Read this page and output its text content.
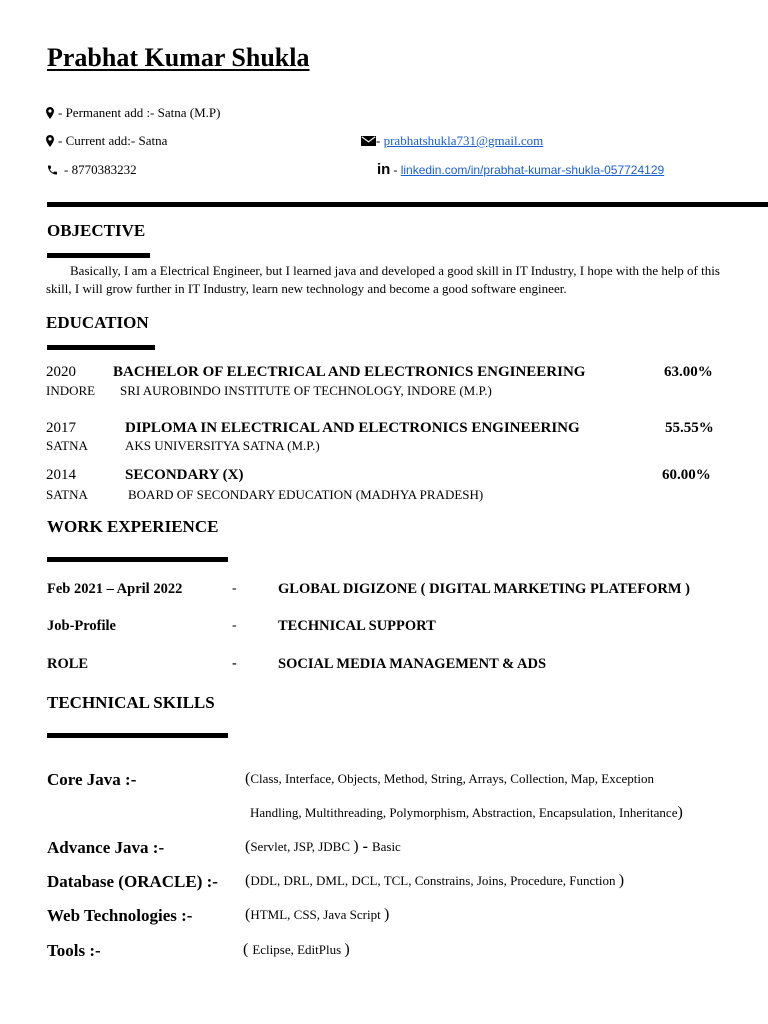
Prabhat Kumar Shukla
- Permanent add :- Satna (M.P)
- Current add:- Satna	- prabhatshukla731@gmail.com
- 8770383232	in - linkedin.com/in/prabhat-kumar-shukla-057724129
OBJECTIVE
Basically, I am a Electrical Engineer, but I learned java and developed a good skill in IT Industry, I hope with the help of this skill, I will grow further in IT Industry, learn new technology and become a good software engineer.
EDUCATION
2020 BACHELOR OF ELECTRICAL AND ELECTRONICS ENGINEERING	63.00%
INDORE SRI AUROBINDO INSTITUTE OF TECHNOLOGY, INDORE (M.P.)
2017	DIPLOMA IN ELECTRICAL AND ELECTRONICS ENGINEERING	55.55%
SATNA	AKS UNIVERSITYA SATNA (M.P.)
2014	SECONDARY (X)	60.00%
SATNA	BOARD OF SECONDARY EDUCATION (MADHYA PRADESH)
WORK EXPERIENCE
Feb 2021 – April 2022	-	GLOBAL DIGIZONE ( DIGITAL MARKETING PLATEFORM )
Job-Profile	-	TECHNICAL SUPPORT
ROLE	-	SOCIAL MEDIA MANAGEMENT & ADS
TECHNICAL SKILLS
Core Java :-	(Class, Interface, Objects, Method, String, Arrays, Collection, Map, Exception
Handling, Multithreading, Polymorphism, Abstraction, Encapsulation, Inheritance)
Advance Java :-	(Servlet, JSP, JDBC ) - Basic
Database (ORACLE) :- (DDL, DRL, DML, DCL, TCL, Constrains, Joins, Procedure, Function )
Web Technologies :-	(HTML, CSS, Java Script )
Tools :-	( Eclipse, EditPlus )
